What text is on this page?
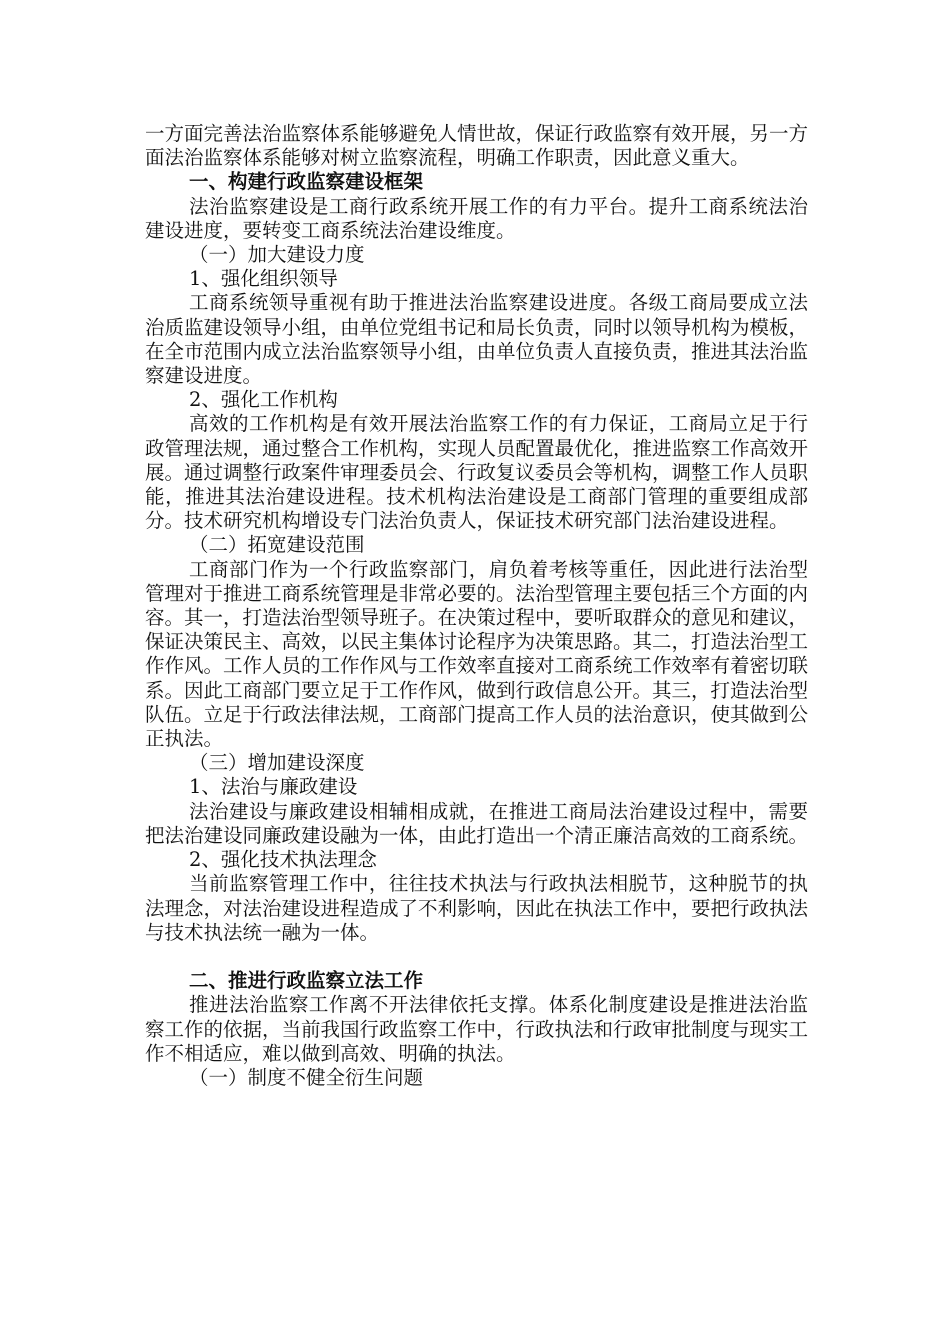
一方面完善法治监察体系能够避免人情世故，保证行政监察有效开展，另一方面法治监察体系能够对树立监察流程，明确工作职责，因此意义重大。

一、构建行政监察建设框架

法治监察建设是工商行政系统开展工作的有力平台。提升工商系统法治建设进度，要转变工商系统法治建设维度。

（一）加大建设力度

1、强化组织领导

工商系统领导重视有助于推进法治监察建设进度。各级工商局要成立法治质监建设领导小组，由单位党组书记和局长负责，同时以领导机构为模板，在全市范围内成立法治监察领导小组，由单位负责人直接负责，推进其法治监察建设进度。

2、强化工作机构

高效的工作机构是有效开展法治监察工作的有力保证，工商局立足于行政管理法规，通过整合工作机构，实现人员配置最优化，推进监察工作高效开展。通过调整行政案件审理委员会、行政复议委员会等机构，调整工作人员职能，推进其法治建设进程。技术机构法治建设是工商部门管理的重要组成部分。技术研究机构增设专门法治负责人，保证技术研究部门法治建设进程。

（二）拓宽建设范围

工商部门作为一个行政监察部门，肩负着考核等重任，因此进行法治型管理对于推进工商系统管理是非常必要的。法治型管理主要包括三个方面的内容。其一，打造法治型领导班子。在决策过程中，要听取群众的意见和建议，保证决策民主、高效，以民主集体讨论程序为决策思路。其二，打造法治型工作作风。工作人员的工作作风与工作效率直接对工商系统工作效率有着密切联系。因此工商部门要立足于工作作风，做到行政信息公开。其三，打造法治型队伍。立足于行政法律法规，工商部门提高工作人员的法治意识，使其做到公正执法。

（三）增加建设深度

1、法治与廉政建设

法治建设与廉政建设相辅相成就，在推进工商局法治建设过程中，需要把法治建设同廉政建设融为一体，由此打造出一个清正廉洁高效的工商系统。

2、强化技术执法理念

当前监察管理工作中，往往技术执法与行政执法相脱节，这种脱节的执法理念，对法治建设进程造成了不利影响，因此在执法工作中，要把行政执法与技术执法统一融为一体。

二、推进行政监察立法工作

推进法治监察工作离不开法律依托支撑。体系化制度建设是推进法治监察工作的依据，当前我国行政监察工作中，行政执法和行政审批制度与现实工作不相适应，难以做到高效、明确的执法。

（一）制度不健全衍生问题
